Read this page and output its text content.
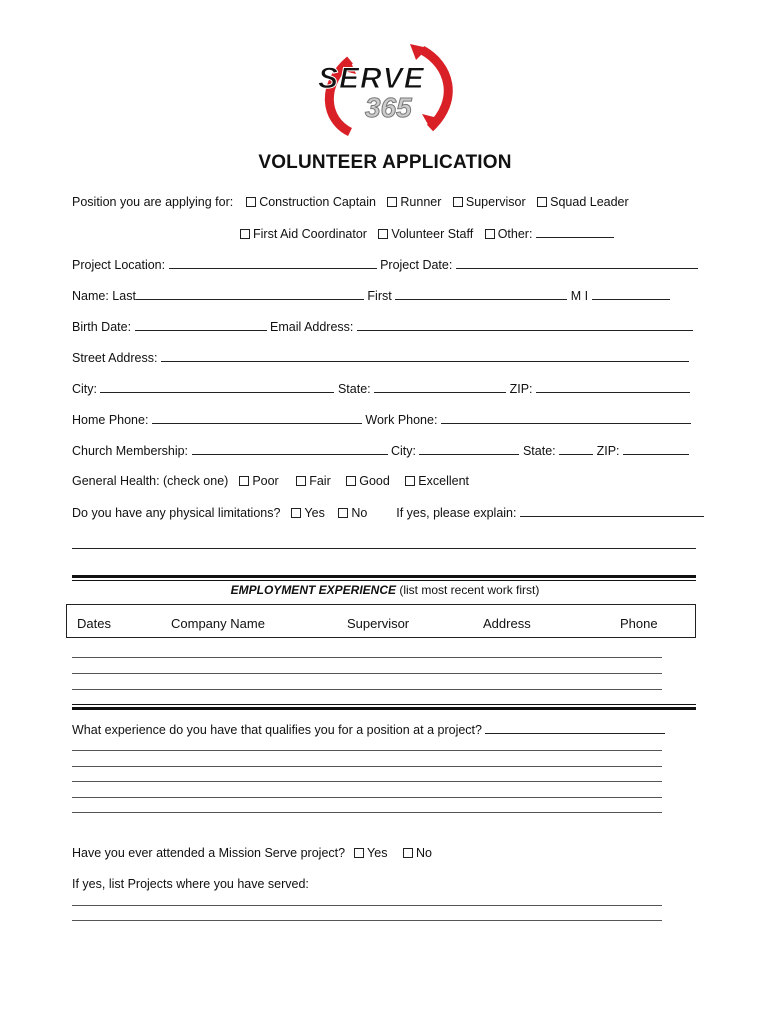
SERVE
365
VOLUNTEER APPLICATION
Position you are applying for: Construction Captain Runner Supervisor Squad Leader
First Aid Coordinator Volunteer Staff Other:
Project Location:	Project Date:
Name: Last	First	M I
Birth Date:	Email Address:
Street Address:
City:	State:	ZIP:
Home Phone:	Work Phone:
Church Membership:	City:	State:	ZIP:
General Health: (check one) Poor Fair Good Excellent
Do you have any physical limitations? Yes No If yes, please explain:
EMPLOYMENT EXPERIENCE (list most recent work first)
Dates	Company Name	Supervisor	Address	Phone
What experience do you have that qualifies you for a position at a project?
Have you ever attended a Mission Serve project? Yes No
If yes, list Projects where you have served:
